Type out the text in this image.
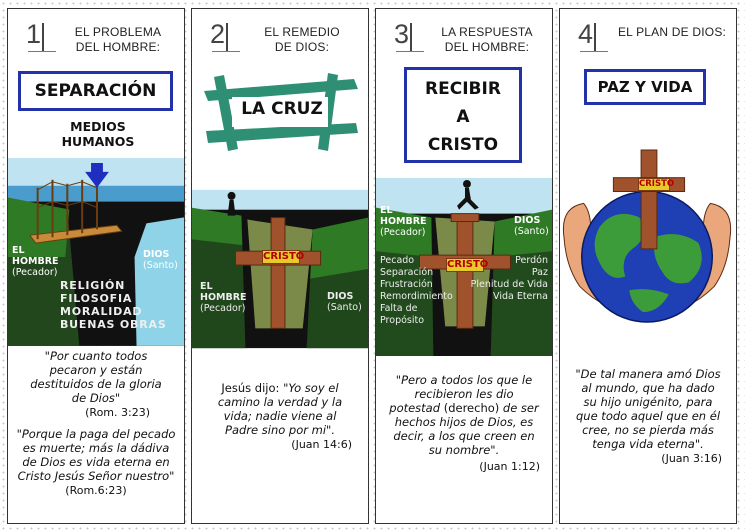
1	EL PROBLEMA
DEL HOMBRE:
SEPARACIÓN
MEDIOS
HUMANOS
EL
HOMBRE
(Pecador)
DIOS
(Santo)
RELIGIÓN
FILOSOFIA
MORALIDAD
BUENAS OBRAS
"Por cuanto todos pecaron y están destituidos de la gloria de Dios"
(Rom. 3:23)
"Porque la paga del pecado es muerte; más la dádiva de Dios es vida eterna en Cristo Jesús Señor nuestro" (Rom.6:23)
2	EL REMEDIO
DE DIOS:
LA CRUZ
CRISTO
EL
HOMBRE
(Pecador)
DIOS
(Santo)
Jesús dijo: "Yo soy el camino la verdad y la vida; nadie viene al Padre sino por mi".
(Juan 14:6)
3	LA RESPUESTA
DEL HOMBRE:
RECIBIR
A
CRISTO
CRISTO
EL
HOMBRE
(Pecador)
DIOS
(Santo)
Pecado
Separación
Frustración
Remordimiento
Falta de
Propósito
Perdón
Paz
Plenitud de Vida
Vida Eterna
"Pero a todos los que le recibieron les dio potestad (derecho) de ser hechos hijos de Dios, es decir, a los que creen en su nombre".
(Juan 1:12)
4	EL PLAN DE DIOS:
PAZ Y VIDA
CRISTO
"De tal manera amó Dios al mundo, que ha dado su hijo unigénito, para que todo aquel que en él cree, no se pierda más tenga vida eterna".
(Juan 3:16)
